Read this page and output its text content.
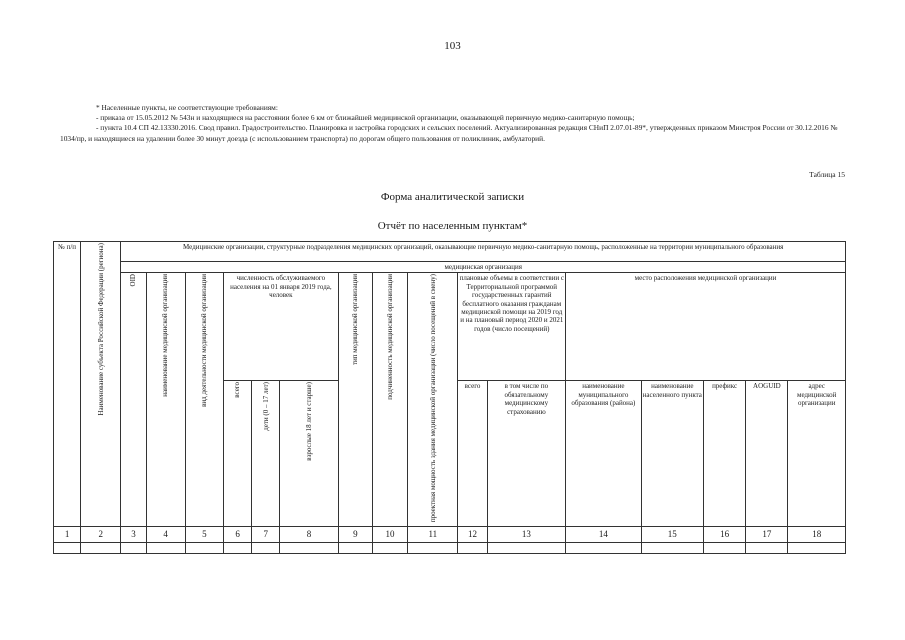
103

* Населенные пункты, не соответствующие требованиям:

- приказа от 15.05.2012 № 543н и находящиеся на расстоянии более 6 км от ближайшей медицинской организации, оказывающей первичную медико-санитарную помощь;

- пункта 10.4 СП 42.13330.2016. Свод правил. Градостроительство. Планировка и застройка городских и сельских поселений. Актуализированная редакция СНиП 2.07.01-89*, утвержденных приказом Минстроя России от 30.12.2016 № 1034/пр, и находящиеся на удалении более 30 минут доезда (с использованием транспорта) по дорогам общего пользования от поликлиник, амбулаторий.

Таблица 15
Форма аналитической записки
Отчёт по населенным пунктам*
№ п/п	Наименование субъекта Российской Федерации (региона)	Медицинские организации, структурные подразделения медицинских организаций, оказывающие первичную медико-санитарную помощь, расположенные на территории муниципального образования															
		медицинская организация															
		OID	наименование медицинской организации	вид деятельности медицинской организации	численность обслуживаемого населения на 01 января 2019 года, человек			тип медицинской организации	подчиненность медицинской организации	проектная мощность здания медицинской организации (число посещений в смену)	плановые объемы в соответствии с Территориальной программой государственных гарантий бесплатного оказания гражданам медицинской помощи на 2019 год и на плановый период 2020 и 2021 годов (число посещений)		место расположения медицинской организации				
					всего	дети (0 – 17 лет)	взрослые 18 лет и старше)				всего	в том числе по обязательному медицинскому страхованию	наименование муниципального образования (района)	наименование населенного пункта	префикс	AOGUID	адрес медицинской организации

1	2	3	4	5	6	7	8	9	10	11	12	13	14	15	16	17	18
